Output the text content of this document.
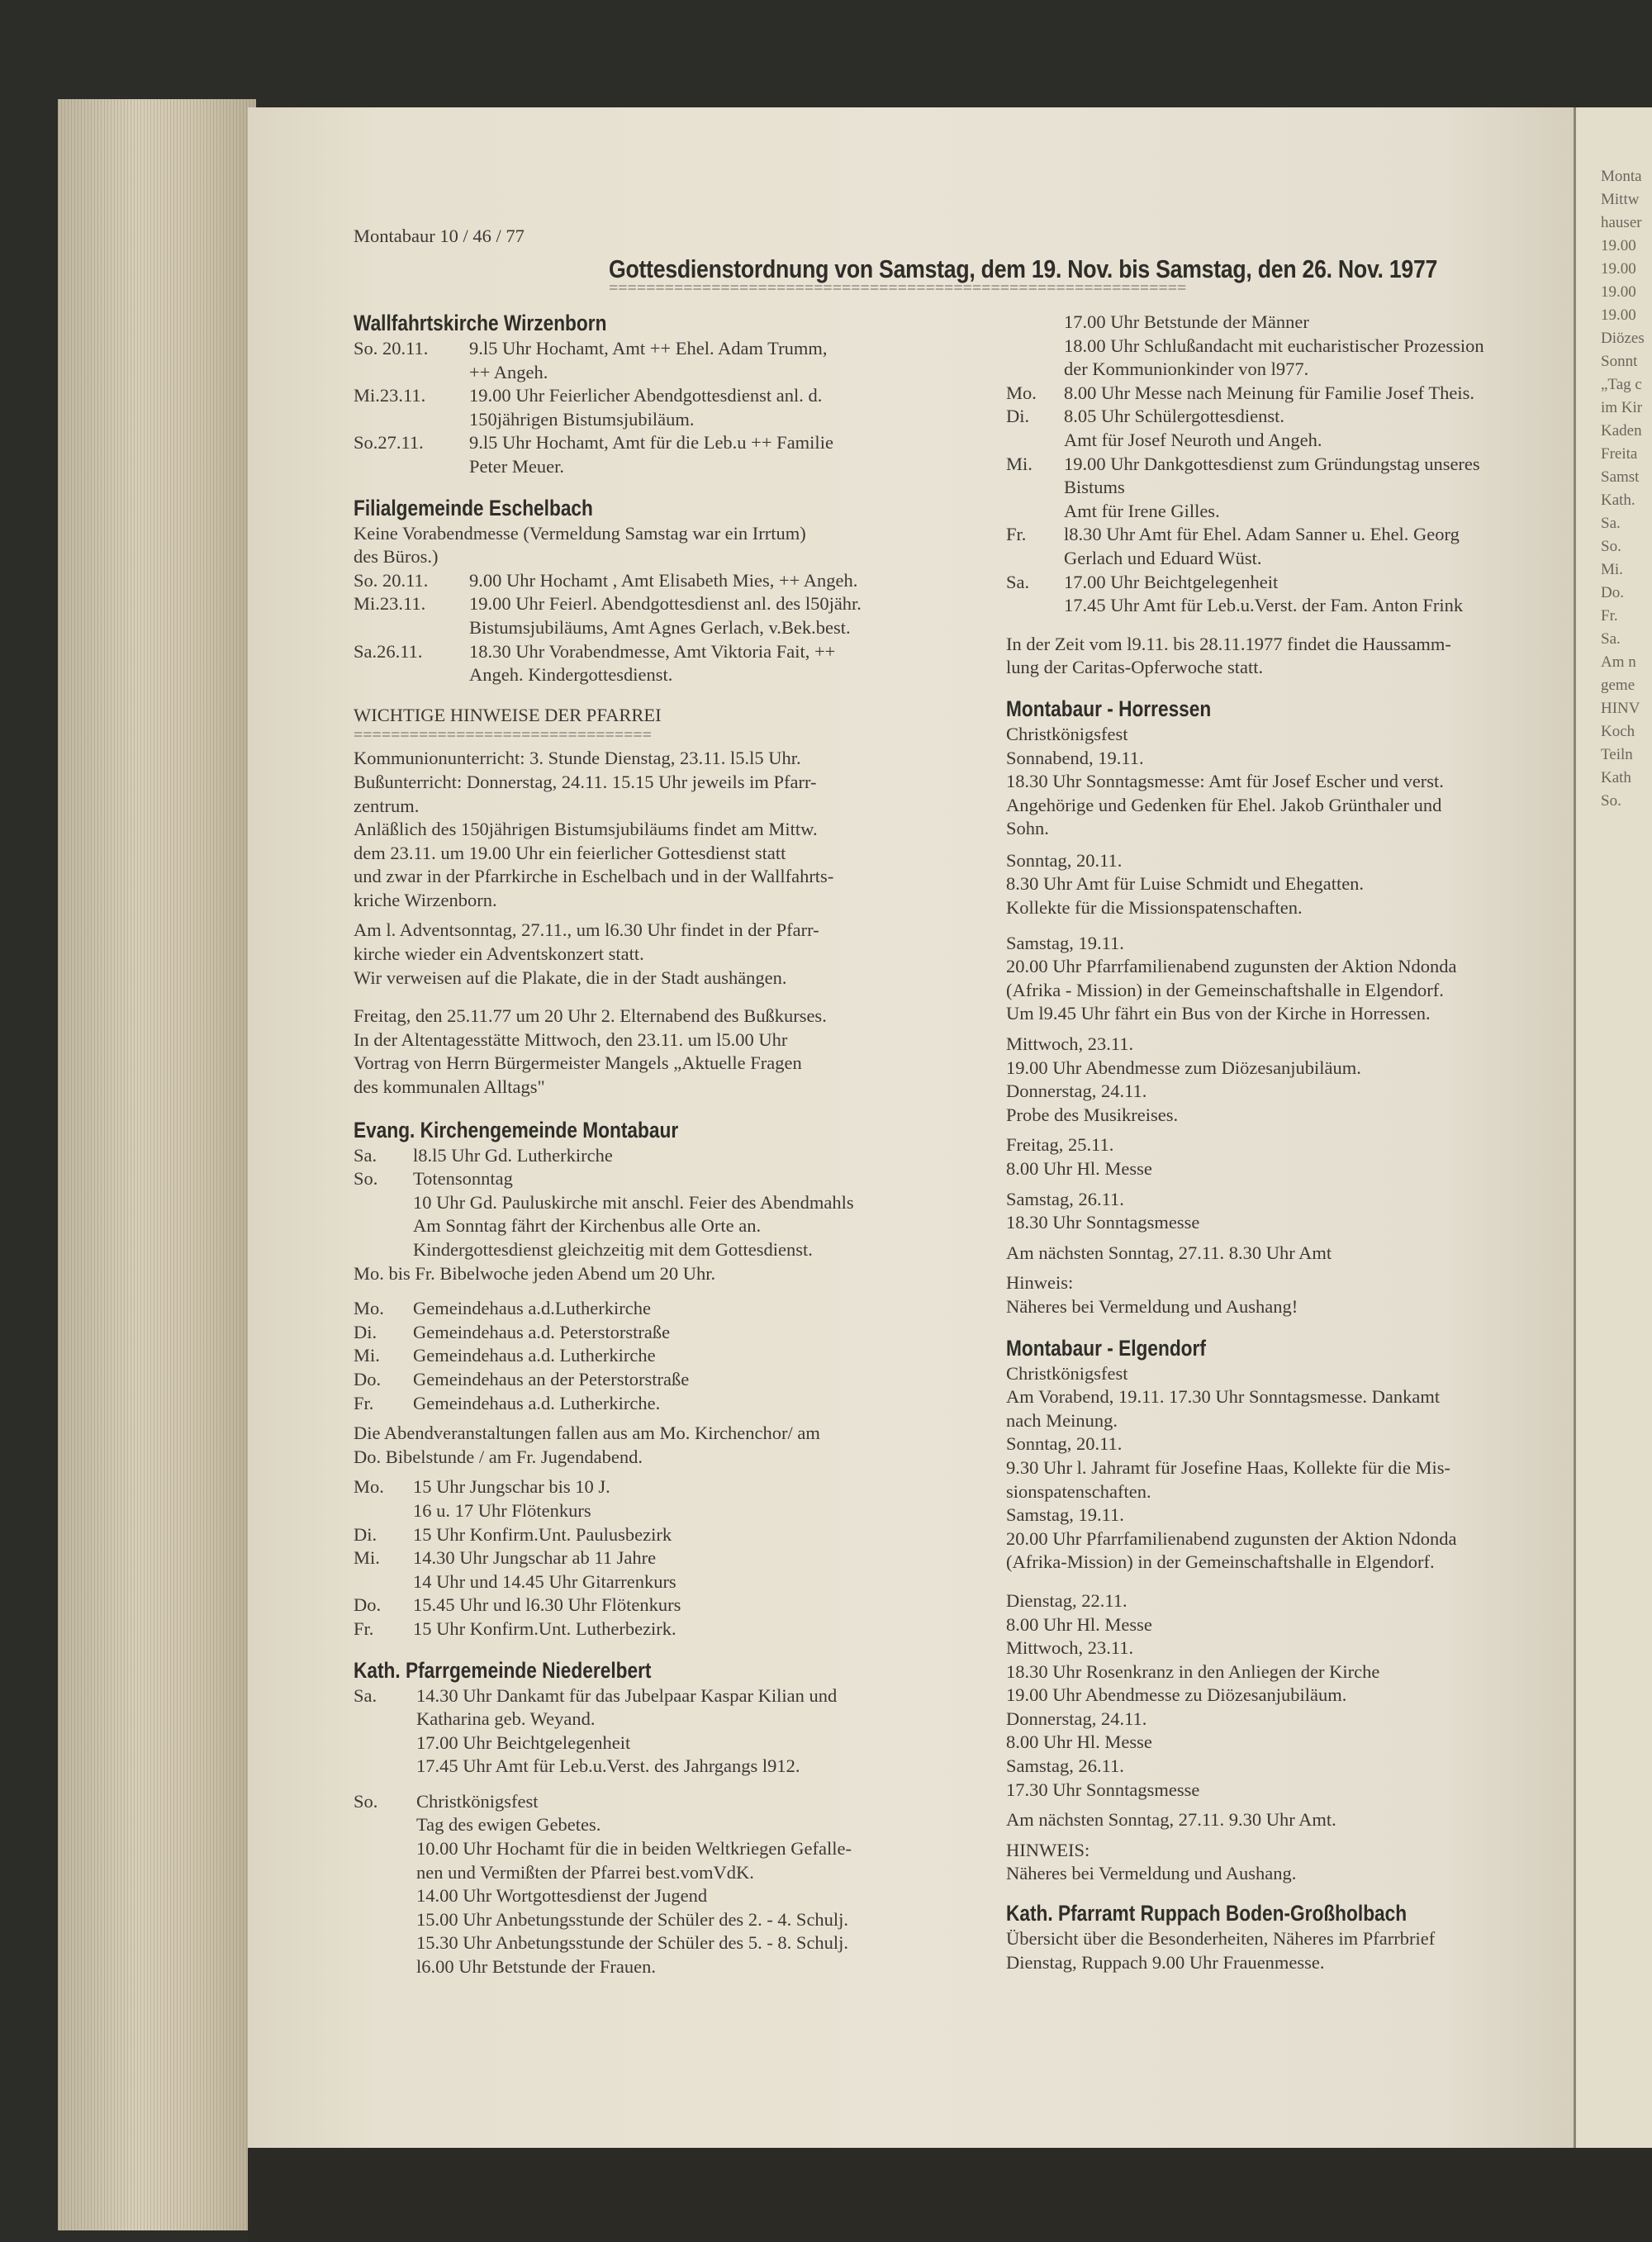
Monta
Mittw
hauser
19.00
19.00
19.00
19.00
Diözes
Sonnt
„Tag c
im Kir
Kaden
Freita
Samst
Kath.
Sa.
So.
Mi.
Do.
Fr.
Sa.
Am n
geme
HINV
Koch
Teiln
Kath
So.
Montabaur 10 / 46 / 77
Gottesdienstordnung von Samstag, dem 19. Nov. bis Samstag, den 26. Nov. 1977
==============================================================
Wallfahrtskirche Wirzenborn
So. 20.11.	9.l5 Uhr Hochamt, Amt ++ Ehel. Adam Trumm,
++ Angeh.
Mi.23.11.	19.00 Uhr Feierlicher Abendgottesdienst anl. d.
150jährigen Bistumsjubiläum.
So.27.11.	9.l5 Uhr Hochamt, Amt für die Leb.u ++ Familie
Peter Meuer.
Filialgemeinde Eschelbach
Keine Vorabendmesse (Vermeldung Samstag war ein Irrtum)
des Büros.)
So. 20.11.	9.00 Uhr Hochamt , Amt Elisabeth Mies, ++ Angeh.
Mi.23.11.	19.00 Uhr Feierl. Abendgottesdienst anl. des l50jähr.
Bistumsjubiläums, Amt Agnes Gerlach, v.Bek.best.
Sa.26.11.	18.30 Uhr Vorabendmesse, Amt Viktoria Fait, ++
Angeh. Kindergottesdienst.
WICHTIGE HINWEISE DER PFARREI
================================
Kommunionunterricht: 3. Stunde Dienstag, 23.11. l5.l5 Uhr.
Bußunterricht: Donnerstag, 24.11. 15.15 Uhr jeweils im Pfarr-
zentrum.
Anläßlich des 150jährigen Bistumsjubiläums findet am Mittw.
dem 23.11. um 19.00 Uhr ein feierlicher Gottesdienst statt
und zwar in der Pfarrkirche in Eschelbach und in der Wallfahrts-
kriche Wirzenborn.
Am l. Adventsonntag, 27.11., um l6.30 Uhr findet in der Pfarr-
kirche wieder ein Adventskonzert statt.
Wir verweisen auf die Plakate, die in der Stadt aushängen.
Freitag, den 25.11.77 um 20 Uhr 2. Elternabend des Bußkurses.
In der Altentagesstätte Mittwoch, den 23.11. um l5.00 Uhr
Vortrag von Herrn Bürgermeister Mangels „Aktuelle Fragen
des kommunalen Alltags"
Evang. Kirchengemeinde Montabaur
Sa.	l8.l5 Uhr Gd. Lutherkirche
So.	Totensonntag
10 Uhr Gd. Pauluskirche mit anschl. Feier des Abendmahls
Am Sonntag fährt der Kirchenbus alle Orte an.
Kindergottesdienst gleichzeitig mit dem Gottesdienst.
Mo. bis Fr. Bibelwoche jeden Abend um 20 Uhr.
Mo.	Gemeindehaus a.d.Lutherkirche
Di.	Gemeindehaus a.d. Peterstorstraße
Mi.	Gemeindehaus a.d. Lutherkirche
Do.	Gemeindehaus an der Peterstorstraße
Fr.	Gemeindehaus a.d. Lutherkirche.
Die Abendveranstaltungen fallen aus am Mo. Kirchenchor/ am
Do. Bibelstunde / am Fr. Jugendabend.
Mo.	15 Uhr Jungschar bis 10 J.
16 u. 17 Uhr Flötenkurs
Di.	15 Uhr Konfirm.Unt. Paulusbezirk
Mi.	14.30 Uhr Jungschar ab 11 Jahre
14 Uhr und 14.45 Uhr Gitarrenkurs
Do.	15.45 Uhr und l6.30 Uhr Flötenkurs
Fr.	15 Uhr Konfirm.Unt. Lutherbezirk.
Kath. Pfarrgemeinde Niederelbert
Sa.	14.30 Uhr Dankamt für das Jubelpaar Kaspar Kilian und
Katharina geb. Weyand.
17.00 Uhr Beichtgelegenheit
17.45 Uhr Amt für Leb.u.Verst. des Jahrgangs l912.
So.	Christkönigsfest
Tag des ewigen Gebetes.
10.00 Uhr Hochamt für die in beiden Weltkriegen Gefalle-
nen und Vermißten der Pfarrei best.vomVdK.
14.00 Uhr Wortgottesdienst der Jugend
15.00 Uhr Anbetungsstunde der Schüler des 2. - 4. Schulj.
15.30 Uhr Anbetungsstunde der Schüler des 5. - 8. Schulj.
l6.00 Uhr Betstunde der Frauen.
17.00 Uhr Betstunde der Männer
18.00 Uhr Schlußandacht mit eucharistischer Prozession
der Kommunionkinder von l977.
Mo.	8.00 Uhr Messe nach Meinung für Familie Josef Theis.
Di.	8.05 Uhr Schülergottesdienst.
Amt für Josef Neuroth und Angeh.
Mi.	19.00 Uhr Dankgottesdienst zum Gründungstag unseres
Bistums
Amt für Irene Gilles.
Fr.	l8.30 Uhr Amt für Ehel. Adam Sanner u. Ehel. Georg
Gerlach und Eduard Wüst.
Sa.	17.00 Uhr Beichtgelegenheit
17.45 Uhr Amt für Leb.u.Verst. der Fam. Anton Frink
In der Zeit vom l9.11. bis 28.11.1977 findet die Haussamm-
lung der Caritas-Opferwoche statt.
Montabaur - Horressen
Christkönigsfest
Sonnabend, 19.11.
18.30 Uhr Sonntagsmesse: Amt für Josef Escher und verst.
Angehörige und Gedenken für Ehel. Jakob Grünthaler und
Sohn.
Sonntag, 20.11.
8.30 Uhr Amt für Luise Schmidt und Ehegatten.
Kollekte für die Missionspatenschaften.
Samstag, 19.11.
20.00 Uhr Pfarrfamilienabend zugunsten der Aktion Ndonda
(Afrika - Mission) in der Gemeinschaftshalle in Elgendorf.
Um l9.45 Uhr fährt ein Bus von der Kirche in Horressen.
Mittwoch, 23.11.
19.00 Uhr Abendmesse zum Diözesanjubiläum.
Donnerstag, 24.11.
Probe des Musikreises.
Freitag, 25.11.
8.00 Uhr Hl. Messe
Samstag, 26.11.
18.30 Uhr Sonntagsmesse
Am nächsten Sonntag, 27.11. 8.30 Uhr Amt
Hinweis:
Näheres bei Vermeldung und Aushang!
Montabaur - Elgendorf
Christkönigsfest
Am Vorabend, 19.11. 17.30 Uhr Sonntagsmesse. Dankamt
nach Meinung.
Sonntag, 20.11.
9.30 Uhr l. Jahramt für Josefine Haas, Kollekte für die Mis-
sionspatenschaften.
Samstag, 19.11.
20.00 Uhr Pfarrfamilienabend zugunsten der Aktion Ndonda
(Afrika-Mission) in der Gemeinschaftshalle in Elgendorf.
Dienstag, 22.11.
8.00 Uhr Hl. Messe
Mittwoch, 23.11.
18.30 Uhr Rosenkranz in den Anliegen der Kirche
19.00 Uhr Abendmesse zu Diözesanjubiläum.
Donnerstag, 24.11.
8.00 Uhr Hl. Messe
Samstag, 26.11.
17.30 Uhr Sonntagsmesse
Am nächsten Sonntag, 27.11. 9.30 Uhr Amt.
HINWEIS:
Näheres bei Vermeldung und Aushang.
Kath. Pfarramt Ruppach Boden-Großholbach
Übersicht über die Besonderheiten, Näheres im Pfarrbrief
Dienstag, Ruppach 9.00 Uhr Frauenmesse.
